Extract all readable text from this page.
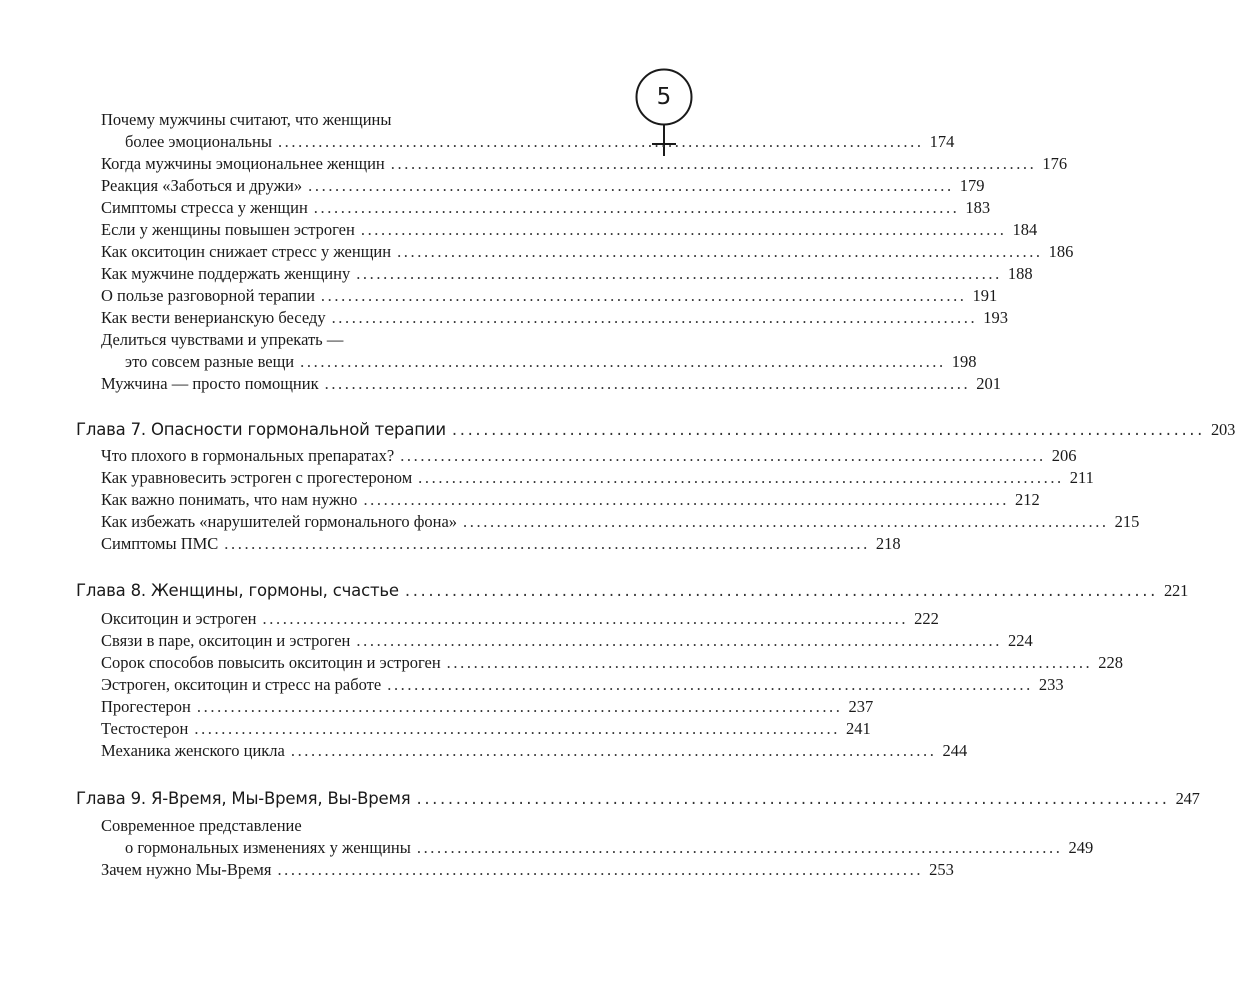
5
Почему мужчины считают, что женщины
более эмоциональны ................................................................................................ 174
Когда мужчины эмоциональнее женщин ................................................................................................ 176
Реакция «Заботься и дружи» ................................................................................................ 179
Симптомы стресса у женщин ................................................................................................ 183
Если у женщины повышен эстроген ................................................................................................ 184
Как окситоцин снижает стресс у женщин ................................................................................................ 186
Как мужчине поддержать женщину ................................................................................................ 188
О пользе разговорной терапии ................................................................................................ 191
Как вести венерианскую беседу ................................................................................................ 193
Делиться чувствами и упрекать —
это совсем разные вещи ................................................................................................ 198
Мужчина — просто помощник ................................................................................................ 201
Глава 7. Опасности гормональной терапии ................................................................................................ 203
Что плохого в гормональных препаратах? ................................................................................................ 206
Как уравновесить эстроген с прогестероном ................................................................................................ 211
Как важно понимать, что нам нужно ................................................................................................ 212
Как избежать «нарушителей гормонального фона» ................................................................................................ 215
Симптомы ПМС ................................................................................................ 218
Глава 8. Женщины, гормоны, счастье ................................................................................................ 221
Окситоцин и эстроген ................................................................................................ 222
Связи в паре, окситоцин и эстроген ................................................................................................ 224
Сорок способов повысить окситоцин и эстроген ................................................................................................ 228
Эстроген, окситоцин и стресс на работе ................................................................................................ 233
Прогестерон ................................................................................................ 237
Тестостерон ................................................................................................ 241
Механика женского цикла ................................................................................................ 244
Глава 9. Я-Время, Мы-Время, Вы-Время ................................................................................................ 247
Современное представление
о гормональных изменениях у женщины ................................................................................................ 249
Зачем нужно Мы-Время ................................................................................................ 253
